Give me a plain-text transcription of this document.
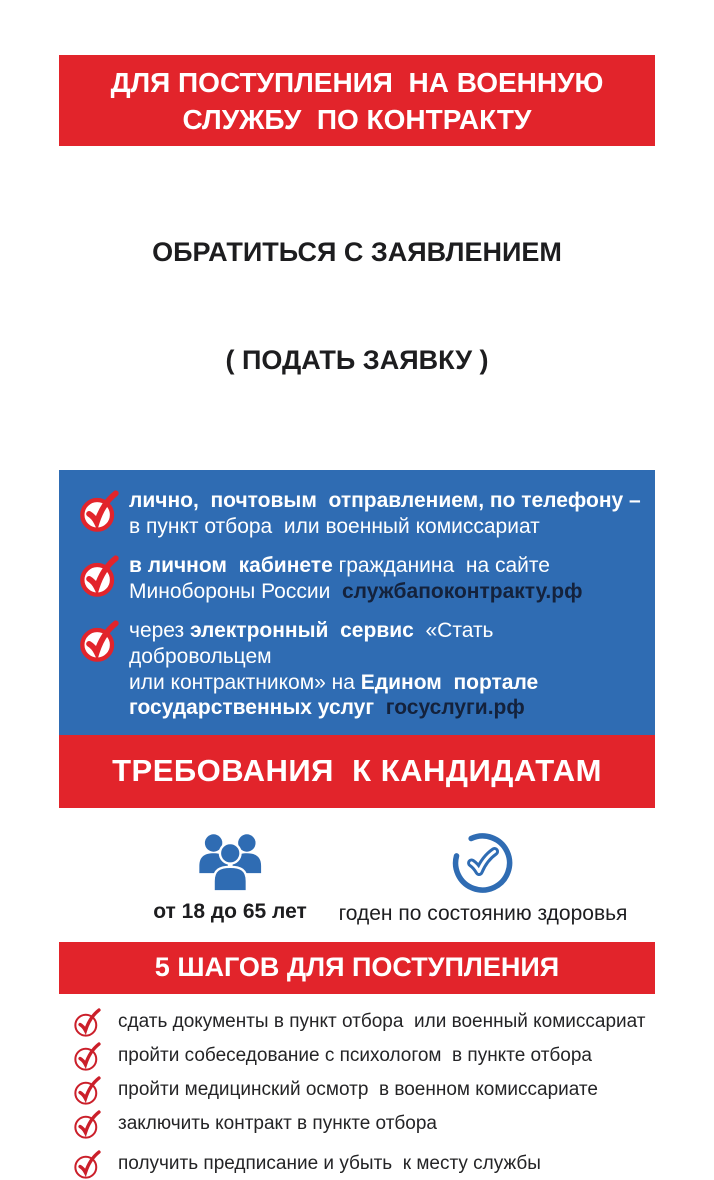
ДЛЯ ПОСТУПЛЕНИЯ  НА ВОЕННУЮ
СЛУЖБУ  ПО КОНТРАКТУ

ОБРАТИТЬСЯ С ЗАЯВЛЕНИЕМ

( ПОДАТЬ ЗАЯВКУ )

лично,  почтовым  отправлением, по телефону –
в пункт отбора  или военный комиссариат
в личном  кабинете гражданина  на сайте
Минобороны России  службапоконтракту.рф
через электронный  сервис  «Стать  добровольцем
или контрактником» на Едином  портале
государственных услуг  госуслуги.рф
ТРЕБОВАНИЯ  К КАНДИДАТАМ
от 18 до 65 лет годен по состоянию здоровья
5 ШАГОВ ДЛЯ ПОСТУПЛЕНИЯ
сдать документы в пункт отбора  или военный комиссариат
пройти собеседование с психологом  в пункте отбора
пройти медицинский осмотр  в военном комиссариате
заключить контракт в пункте отбора
получить предписание и убыть  к месту службы
